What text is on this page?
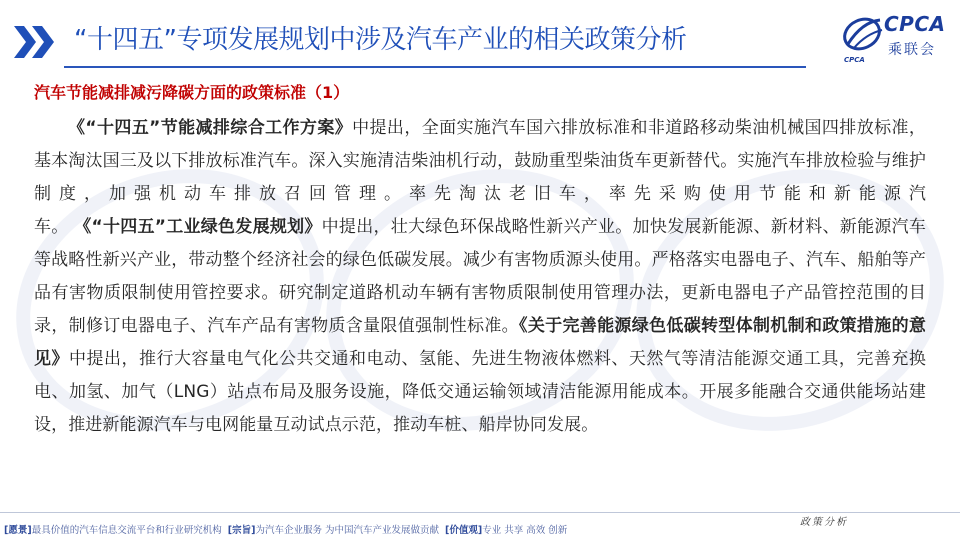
“十四五”专项发展规划中涉及汽车产业的相关政策分析
CPCA
乘联会
CPCA
汽车节能减排减污降碳方面的政策标准（1）
《“十四五”节能减排综合工作方案》中提出，全面实施汽车国六排放标准和非道路移动柴油机械国四排放标准，基本淘汰国三及以下排放标准汽车。深入实施清洁柴油机行动，鼓励重型柴油货车更新替代。实施汽车排放检验与维护制度，加强机动车排放召回管理。率先淘汰老旧车，率先采购使用节能和新能源汽车。 《“十四五”工业绿色发展规划》中提出，壮大绿色环保战略性新兴产业。加快发展新能源、新材料、新能源汽车等战略性新兴产业，带动整个经济社会的绿色低碳发展。减少有害物质源头使用。严格落实电器电子、汽车、船舶等产品有害物质限制使用管控要求。研究制定道路机动车辆有害物质限制使用管理办法，更新电器电子产品管控范围的目录，制修订电器电子、汽车产品有害物质含量限值强制性标准。《关于完善能源绿色低碳转型体制机制和政策措施的意见》中提出，推行大容量电气化公共交通和电动、氢能、先进生物液体燃料、天然气等清洁能源交通工具，完善充换电、加氢、加气（LNG）站点布局及服务设施，降低交通运输领域清洁能源用能成本。开展多能融合交通供能场站建设，推进新能源汽车与电网能量互动试点示范，推动车桩、船岸协同发展。
[愿景]最具价值的汽车信息交流平台和行业研究机构 [宗旨]为汽车企业服务 为中国汽车产业发展做贡献 [价值观]专业 共享 高效 创新
政策分析
